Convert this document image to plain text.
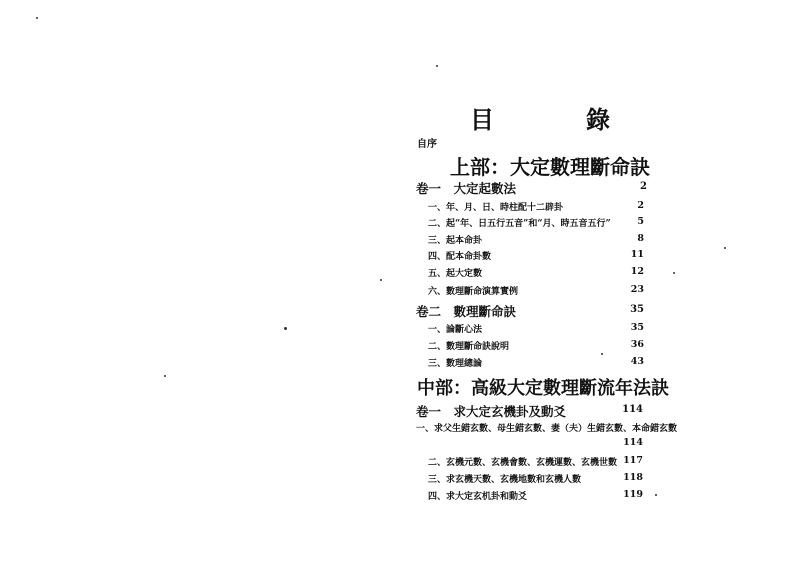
目	錄
自序
上部：大定數理斷命訣
卷一　大定起數法	2
一、年、月、日、時柱配十二辟卦	2
二、起“年、日五行五音”和“月、時五音五行”	5
三、起本命卦	8
四、配本命卦數	11
五、起大定數	12
六、數理斷命演算實例	23
卷二　數理斷命訣	35
一、論斷心法	35
二、數理斷命訣說明	36
三、數理總論	43
中部：高級大定數理斷流年法訣
卷一　求大定玄機卦及動爻	114
一、求父生錯玄數、母生錯玄數、妻（夫）生錯玄數、本命錯玄數
114
二、玄機元數、玄機會數、玄機運數、玄機世數 117
三、求玄機天數、玄機地數和玄機人數	118
四、求大定玄机卦和動爻	119
